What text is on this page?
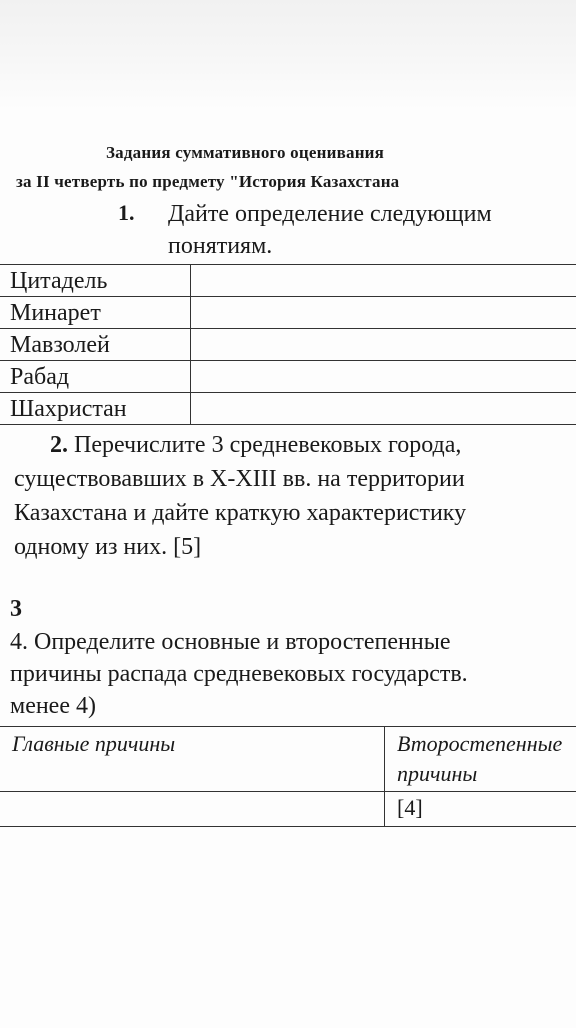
Задания суммативного оценивания
за II четверть по предмету "История Казахстана
1. Дайте определение следующим
понятиям.
Цитадель	
Минарет	
Мавзолей	
Рабад	
Шахристан	
2. Перечислите 3 средневековых города,
существовавших в X-XIII вв. на территории
Казахстана и дайте краткую характеристику
одному из них. [5]
3
4. Определите основные и второстепенные
причины распада средневековых государств.
менее 4)
Главные причины	Второстепенные
причины

	[4]
